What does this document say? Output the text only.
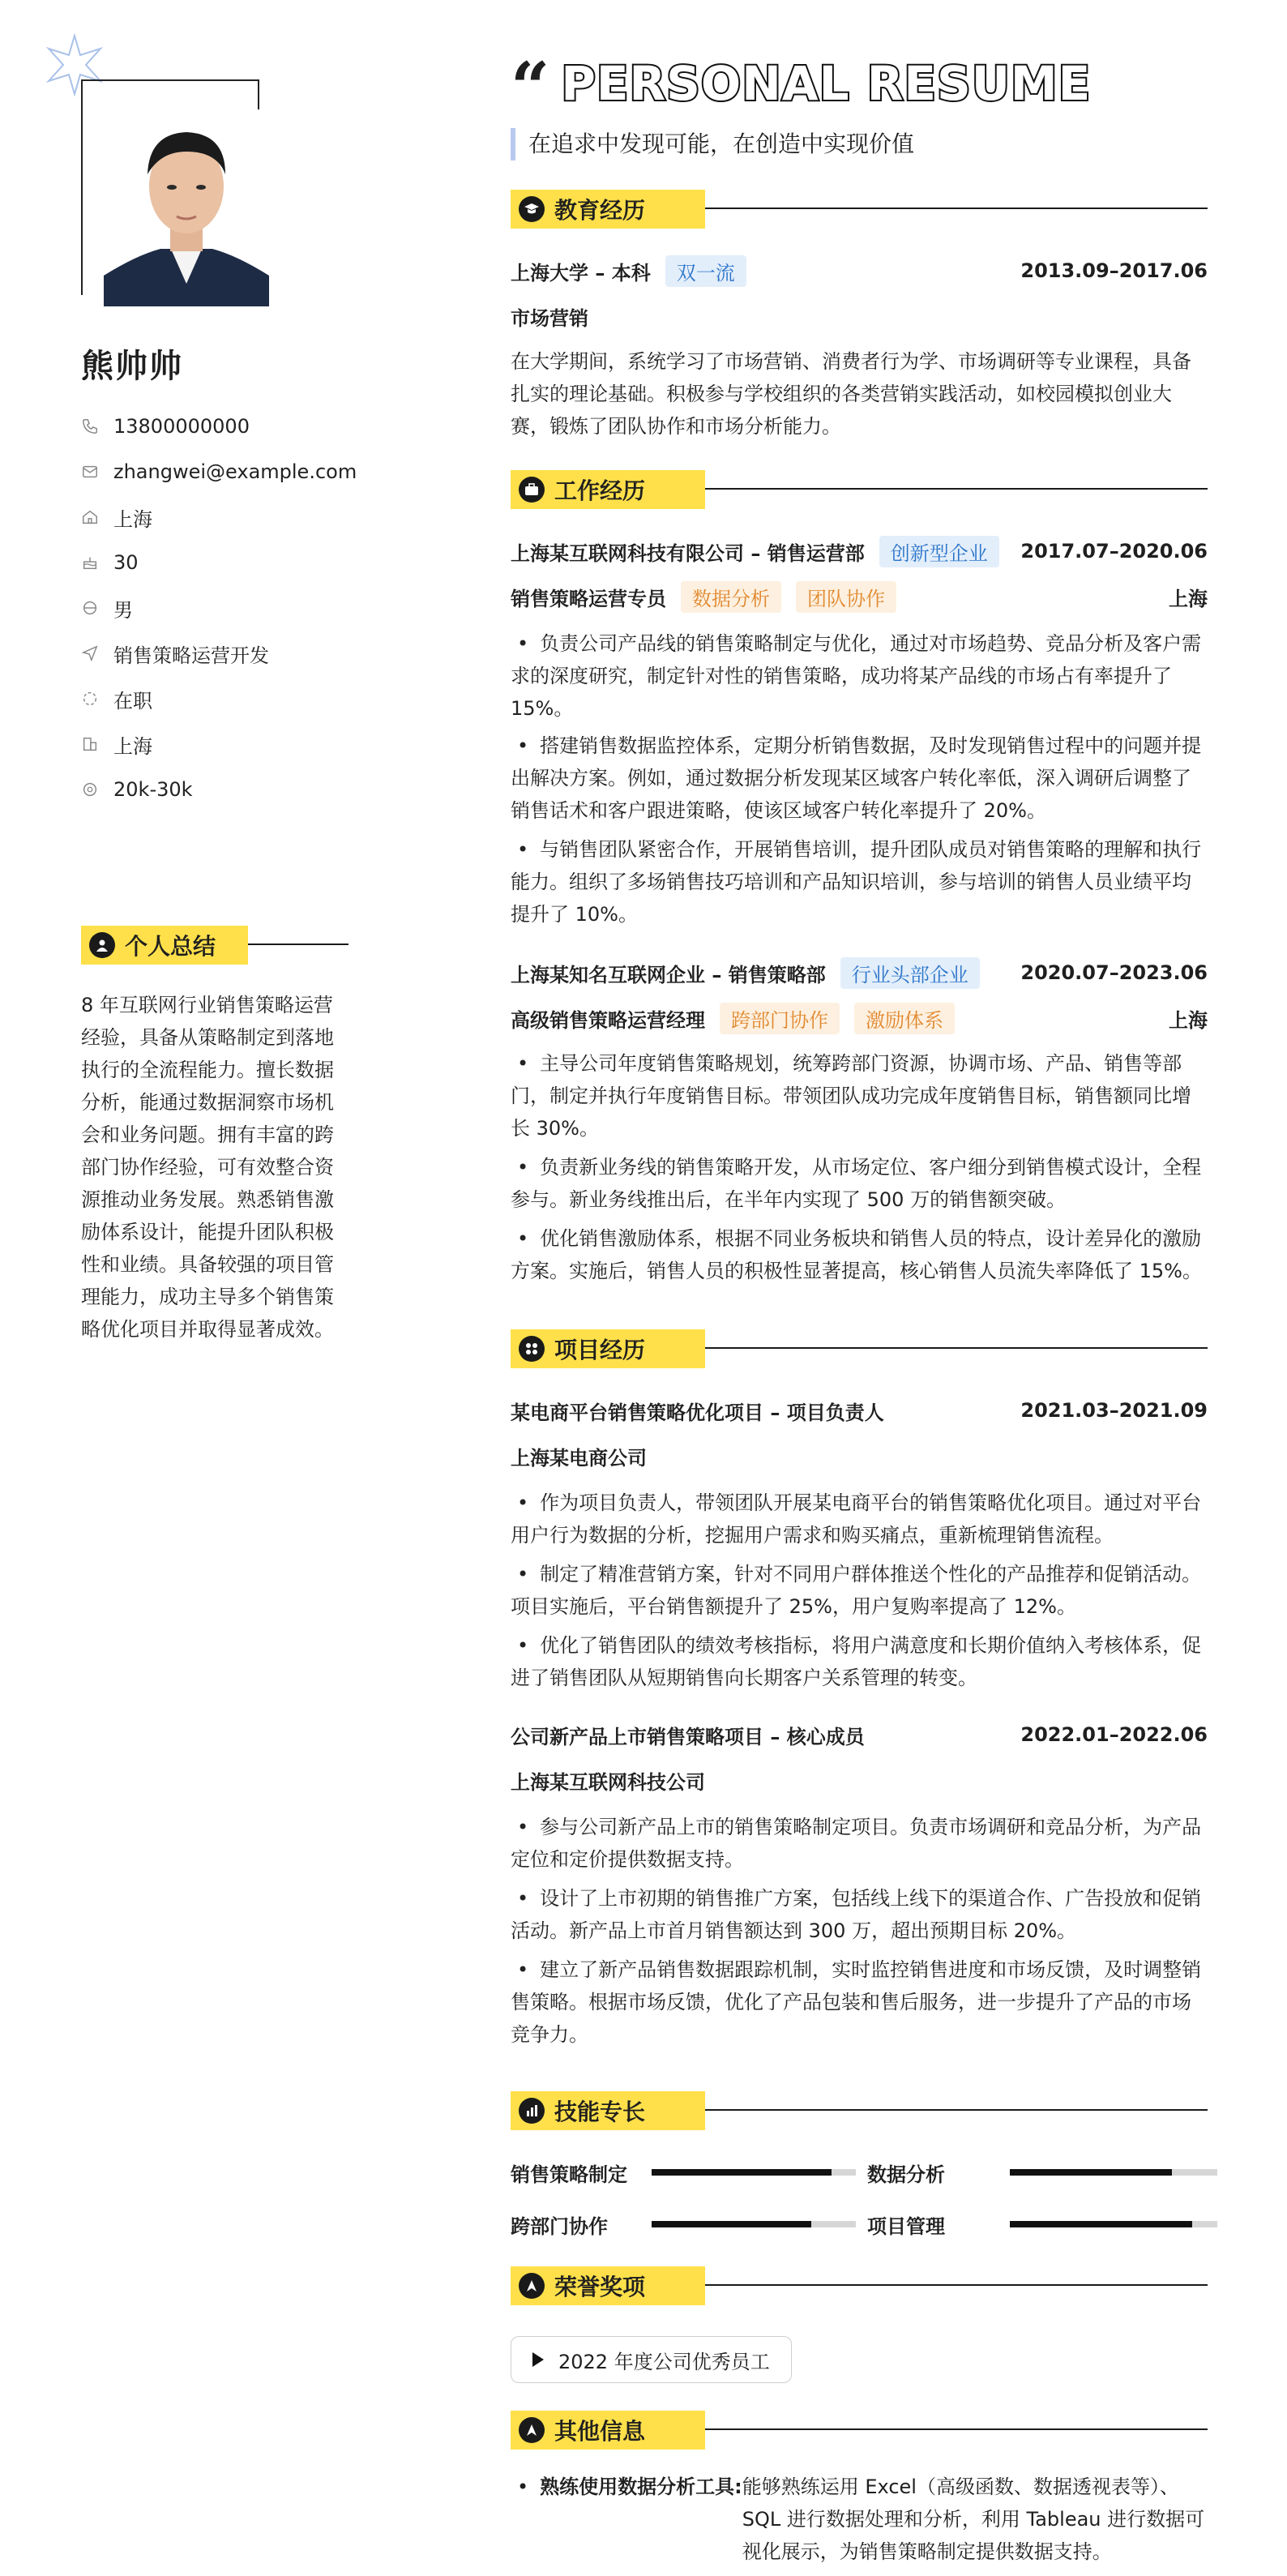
熊帅帅
13800000000
zhangwei@example.com
上海
30
男
销售策略运营开发
在职
上海
20k-30k
个人总结
8 年互联网行业销售策略运营经验，具备从策略制定到落地执行的全流程能力。擅长数据分析，能通过数据洞察市场机会和业务问题。拥有丰富的跨部门协作经验，可有效整合资源推动业务发展。熟悉销售激励体系设计，能提升团队积极性和业绩。具备较强的项目管理能力，成功主导多个销售策略优化项目并取得显著成效。
“ PERSONAL RESUME
在追求中发现可能，在创造中实现价值
教育经历
上海大学 – 本科	双一流	2013.09–2017.06
市场营销
在大学期间，系统学习了市场营销、消费者行为学、市场调研等专业课程，具备扎实的理论基础。积极参与学校组织的各类营销实践活动，如校园模拟创业大赛，锻炼了团队协作和市场分析能力。
工作经历
上海某互联网科技有限公司 – 销售运营部	创新型企业	2017.07–2020.06
销售策略运营专员	数据分析	团队协作	上海
• 负责公司产品线的销售策略制定与优化，通过对市场趋势、竞品分析及客户需求的深度研究，制定针对性的销售策略，成功将某产品线的市场占有率提升了 15%。
• 搭建销售数据监控体系，定期分析销售数据，及时发现销售过程中的问题并提出解决方案。例如，通过数据分析发现某区域客户转化率低，深入调研后调整了销售话术和客户跟进策略，使该区域客户转化率提升了 20%。
• 与销售团队紧密合作，开展销售培训，提升团队成员对销售策略的理解和执行能力。组织了多场销售技巧培训和产品知识培训，参与培训的销售人员业绩平均提升了 10%。
上海某知名互联网企业 – 销售策略部	行业头部企业	2020.07–2023.06
高级销售策略运营经理	跨部门协作	激励体系	上海
• 主导公司年度销售策略规划，统筹跨部门资源，协调市场、产品、销售等部门，制定并执行年度销售目标。带领团队成功完成年度销售目标，销售额同比增长 30%。
• 负责新业务线的销售策略开发，从市场定位、客户细分到销售模式设计，全程参与。新业务线推出后，在半年内实现了 500 万的销售额突破。
• 优化销售激励体系，根据不同业务板块和销售人员的特点，设计差异化的激励方案。实施后，销售人员的积极性显著提高，核心销售人员流失率降低了 15%。
项目经历
某电商平台销售策略优化项目 – 项目负责人	2021.03–2021.09
上海某电商公司
• 作为项目负责人，带领团队开展某电商平台的销售策略优化项目。通过对平台用户行为数据的分析，挖掘用户需求和购买痛点，重新梳理销售流程。
• 制定了精准营销方案，针对不同用户群体推送个性化的产品推荐和促销活动。项目实施后，平台销售额提升了 25%，用户复购率提高了 12%。
• 优化了销售团队的绩效考核指标，将用户满意度和长期价值纳入考核体系，促进了销售团队从短期销售向长期客户关系管理的转变。
公司新产品上市销售策略项目 – 核心成员	2022.01–2022.06
上海某互联网科技公司
• 参与公司新产品上市的销售策略制定项目。负责市场调研和竞品分析，为产品定位和定价提供数据支持。
• 设计了上市初期的销售推广方案，包括线上线下的渠道合作、广告投放和促销活动。新产品上市首月销售额达到 300 万，超出预期目标 20%。
• 建立了新产品销售数据跟踪机制，实时监控销售进度和市场反馈，及时调整销售策略。根据市场反馈，优化了产品包装和售后服务，进一步提升了产品的市场竞争力。
技能专长
销售策略制定	数据分析
跨部门协作	项目管理
荣誉奖项
2022 年度公司优秀员工
其他信息
• 熟练使用数据分析工具: 能够熟练运用 Excel（高级函数、数据透视表等）、SQL 进行数据处理和分析，利用 Tableau 进行数据可视化展示，为销售策略制定提供数据支持。
